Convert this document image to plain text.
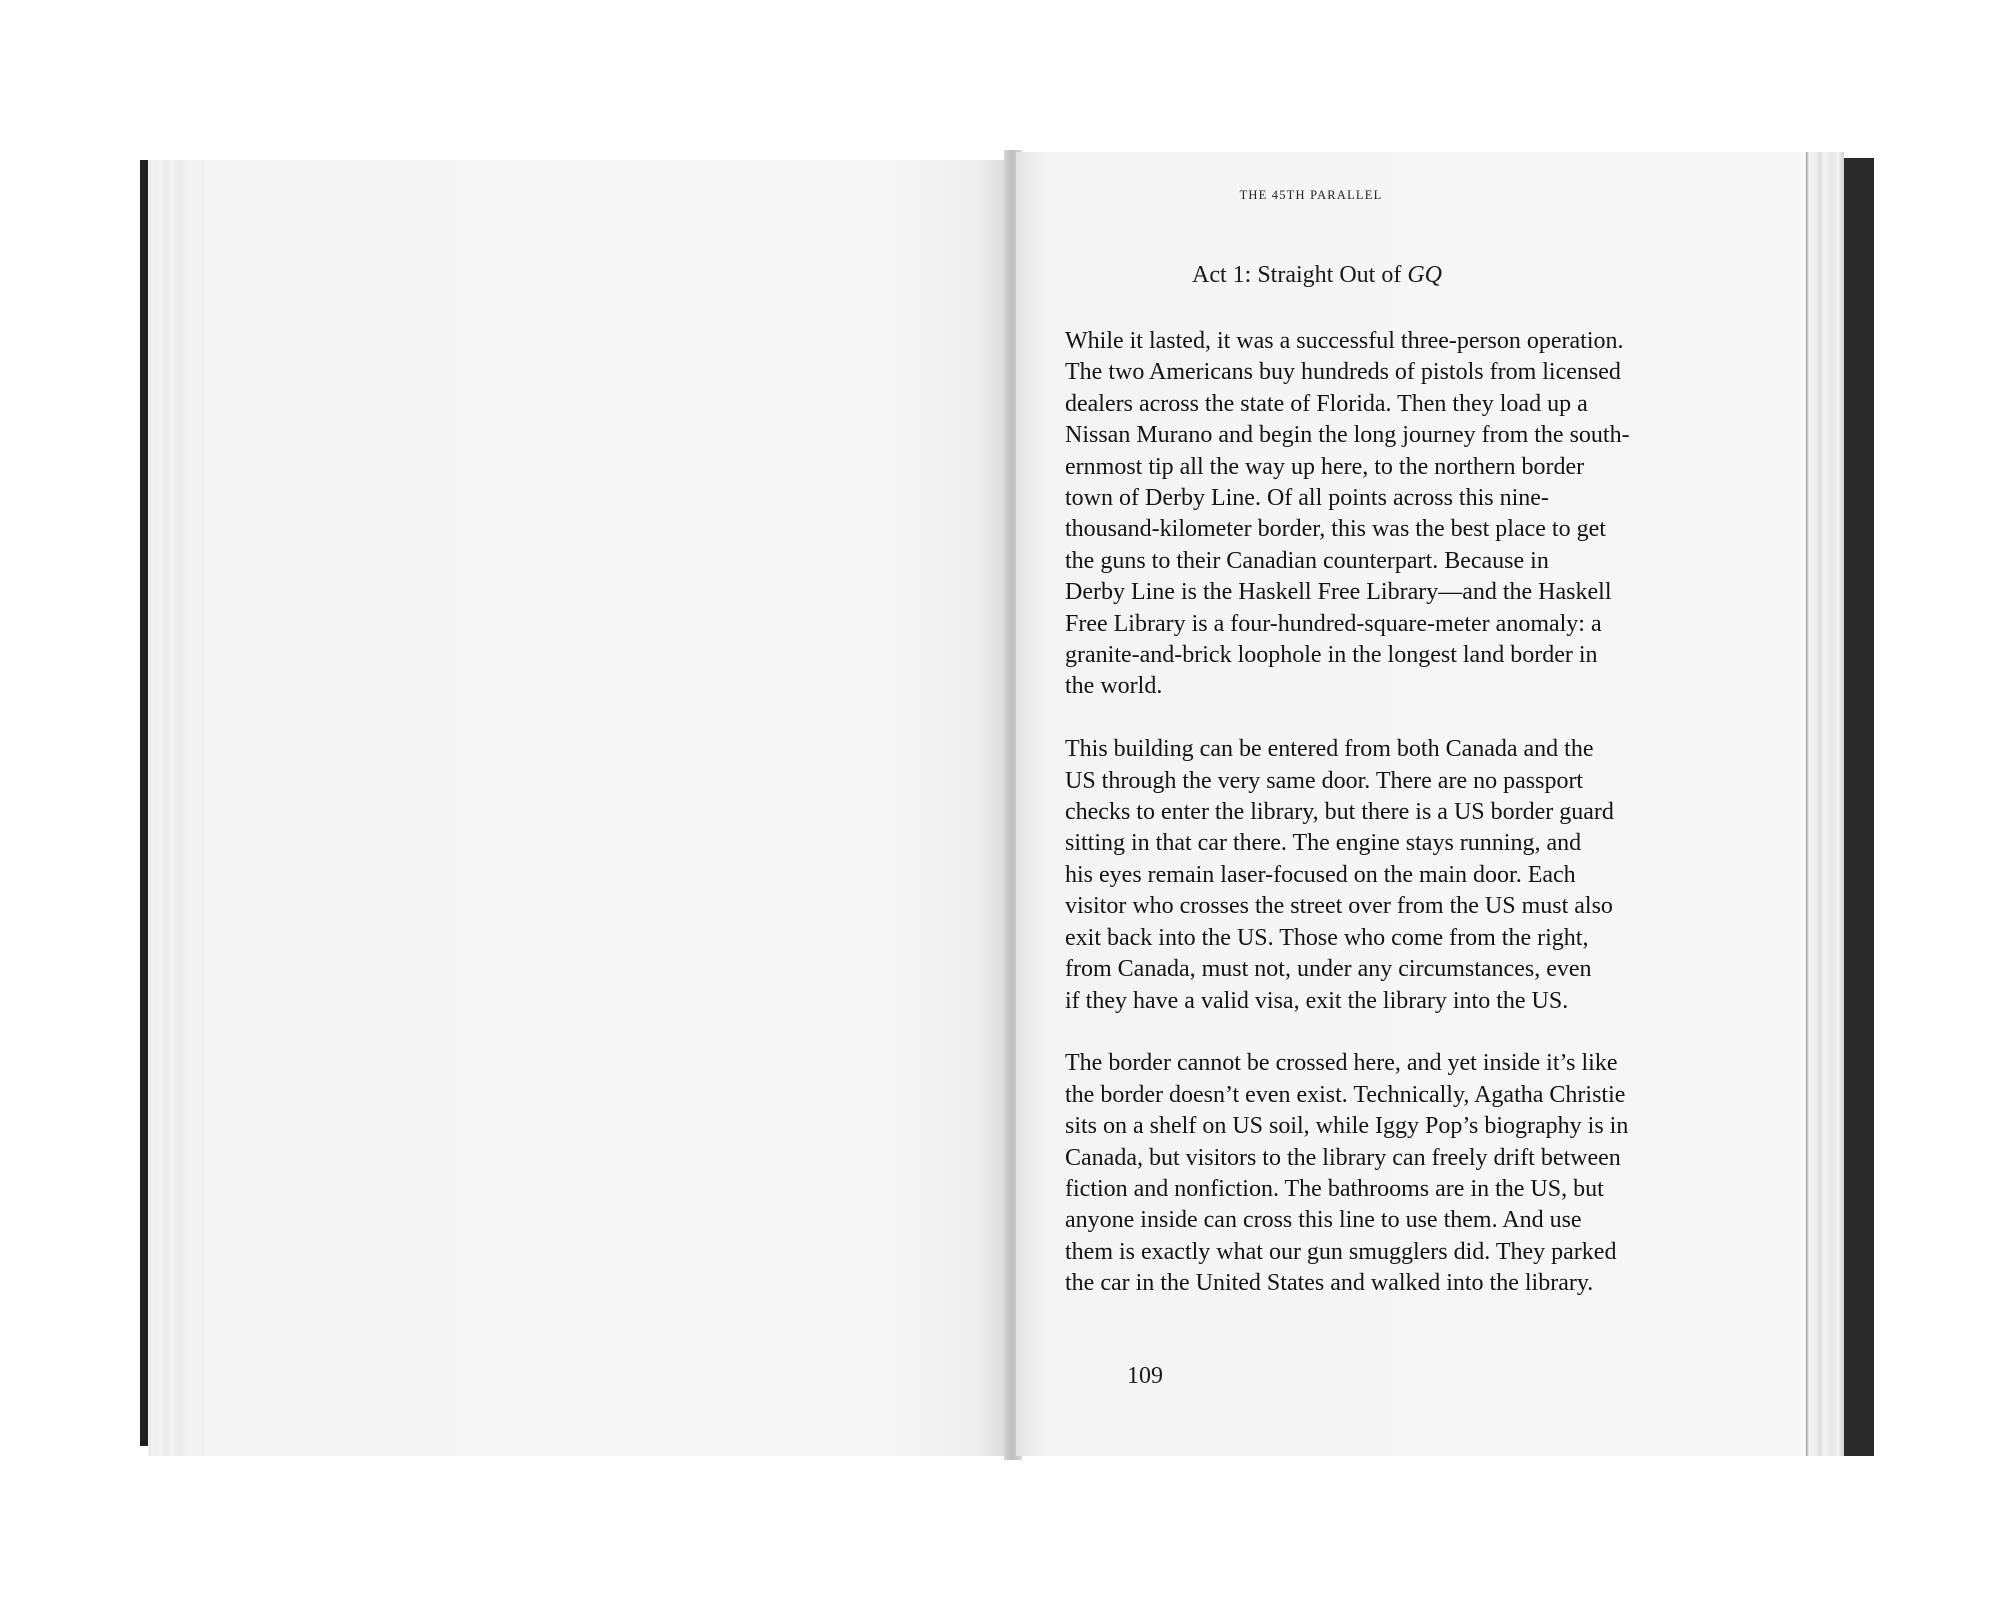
THE 45TH PARALLEL
Act 1: Straight Out of GQ

While it lasted, it was a successful three-person operation.
The two Americans buy hundreds of pistols from licensed
dealers across the state of Florida. Then they load up a
Nissan Murano and begin the long journey from the south-
ernmost tip all the way up here, to the northern border
town of Derby Line. Of all points across this nine-
thousand-kilometer border, this was the best place to get
the guns to their Canadian counterpart. Because in
Derby Line is the Haskell Free Library—and the Haskell
Free Library is a four-hundred-square-meter anomaly: a
granite-and-brick loophole in the longest land border in
the world.

This building can be entered from both Canada and the
US through the very same door. There are no passport
checks to enter the library, but there is a US border guard
sitting in that car there. The engine stays running, and
his eyes remain laser-focused on the main door. Each
visitor who crosses the street over from the US must also
exit back into the US. Those who come from the right,
from Canada, must not, under any circumstances, even
if they have a valid visa, exit the library into the US.

The border cannot be crossed here, and yet inside it’s like
the border doesn’t even exist. Technically, Agatha Christie
sits on a shelf on US soil, while Iggy Pop’s biography is in
Canada, but visitors to the library can freely drift between
fiction and nonfiction. The bathrooms are in the US, but
anyone inside can cross this line to use them. And use
them is exactly what our gun smugglers did. They parked
the car in the United States and walked into the library.

109
